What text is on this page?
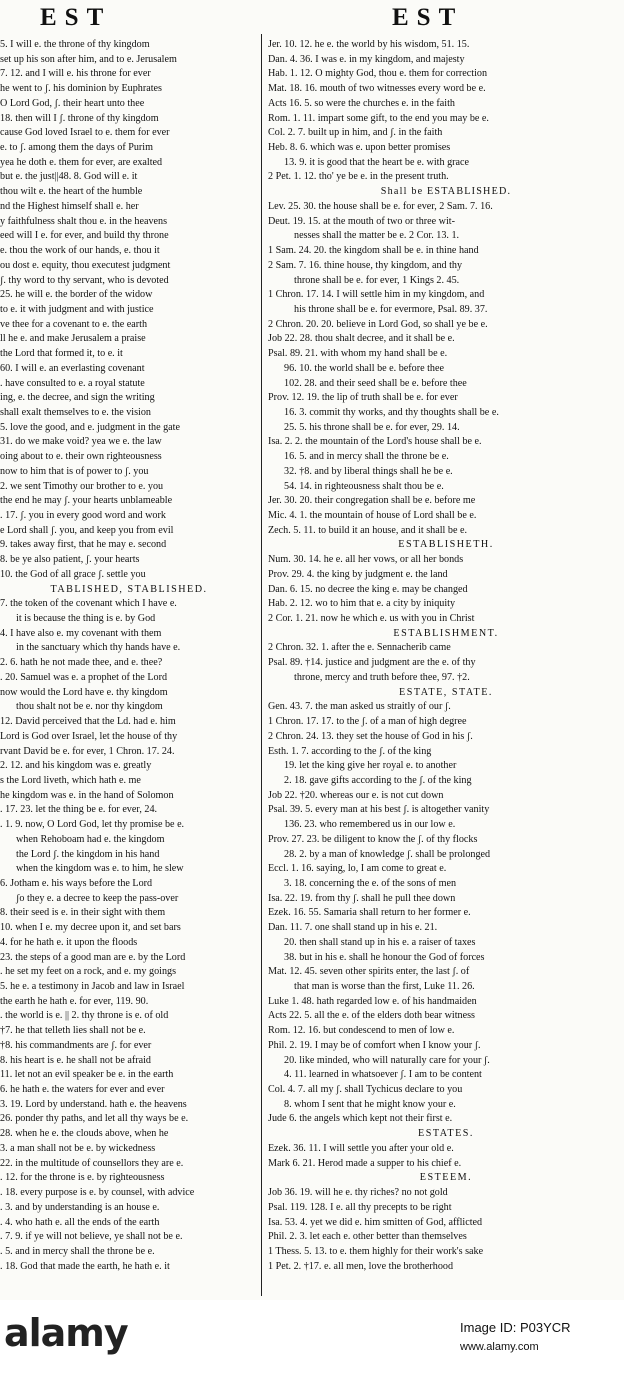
EST	EST
5. I will e. the throne of thy kingdom
set up his son after him, and to e. Jerusalem
7. 12. and I will e. his throne for ever
he went to ʃ. his dominion by Euphrates
O Lord God, ʃ. their heart unto thee
18. then will I ʃ. throne of thy kingdom
cause God loved Israel to e. them for ever
e. to ʃ. among them the days of Purim
yea he doth e. them for ever, are exalted
but e. the just||48. 8. God will e. it
thou wilt e. the heart of the humble
nd the Highest himself shall e. her
y faithfulness shalt thou e. in the heavens
eed will I e. for ever, and build thy throne
e. thou the work of our hands, e. thou it
ou dost e. equity, thou executest judgment
ʃ. thy word to thy servant, who is devoted
25. he will e. the border of the widow
to e. it with judgment and with justice
ve thee for a covenant to e. the earth
ll he e. and make Jerusalem a praise
the Lord that formed it, to e. it
60. I will e. an everlasting covenant
. have consulted to e. a royal statute
ing, e. the decree, and sign the writing
shall exalt themselves to e. the vision
5. love the good, and e. judgment in the gate
31. do we make void? yea we e. the law
oing about to e. their own righteousness
now to him that is of power to ʃ. you
2. we sent Timothy our brother to e. you
the end he may ʃ. your hearts unblameable
. 17. ʃ. you in every good word and work
e Lord shall ʃ. you, and keep you from evil
9. takes away first, that he may e. second
8. be ye also patient, ʃ. your hearts
10. the God of all grace ʃ. settle you
TABLISHED, STABLISHED.
7. the token of the covenant which I have e.
it is because the thing is e. by God
4. I have also e. my covenant with them
in the sanctuary which thy hands have e.
2. 6. hath he not made thee, and e. thee?
. 20. Samuel was e. a prophet of the Lord
now would the Lord have e. thy kingdom
thou shalt not be e. nor thy kingdom
12. David perceived that the Ld. had e. him
Lord is God over Israel, let the house of thy
rvant David be e. for ever, 1 Chron. 17. 24.
2. 12. and his kingdom was e. greatly
s the Lord liveth, which hath e. me
he kingdom was e. in the hand of Solomon
. 17. 23. let the thing be e. for ever, 24.
. 1. 9. now, O Lord God, let thy promise be e.
when Rehoboam had e. the kingdom
the Lord ʃ. the kingdom in his hand
when the kingdom was e. to him, he slew
6. Jotham e. his ways before the Lord
ʃo they e. a decree to keep the pass-over
8. their seed is e. in their sight with them
10. when I e. my decree upon it, and set bars
4. for he hath e. it upon the floods
23. the steps of a good man are e. by the Lord
. he set my feet on a rock, and e. my goings
5. he e. a testimony in Jacob and law in Israel
the earth he hath e. for ever, 119. 90.
. the world is e. || 2. thy throne is e. of old
†7. he that telleth lies shall not be e.
†8. his commandments are ʃ. for ever
8. his heart is e. he shall not be afraid
11. let not an evil speaker be e. in the earth
6. he hath e. the waters for ever and ever
3. 19. Lord by understand. hath e. the heavens
26. ponder thy paths, and let all thy ways be e.
28. when he e. the clouds above, when he
3. a man shall not be e. by wickedness
22. in the multitude of counsellors they are e.
. 12. for the throne is e. by righteousness
. 18. every purpose is e. by counsel, with advice
. 3. and by understanding is an house e.
. 4. who hath e. all the ends of the earth
. 7. 9. if ye will not believe, ye shall not be e.
. 5. and in mercy shall the throne be e.
. 18. God that made the earth, he hath e. it
Jer. 10. 12. he e. the world by his wisdom, 51. 15.
Dan. 4. 36. I was e. in my kingdom, and majesty
Hab. 1. 12. O mighty God, thou e. them for correction
Mat. 18. 16. mouth of two witnesses every word be e.
Acts 16. 5. so were the churches e. in the faith
Rom. 1. 11. impart some gift, to the end you may be e.
Col. 2. 7. built up in him, and ʃ. in the faith
Heb. 8. 6. which was e. upon better promises
13. 9. it is good that the heart be e. with grace
2 Pet. 1. 12. tho' ye be e. in the present truth.
Shall be ESTABLISHED.
Lev. 25. 30. the house shall be e. for ever, 2 Sam. 7. 16.
Deut. 19. 15. at the mouth of two or three wit-
nesses shall the matter be e. 2 Cor. 13. 1.
1 Sam. 24. 20. the kingdom shall be e. in thine hand
2 Sam. 7. 16. thine house, thy kingdom, and thy
throne shall be e. for ever, 1 Kings 2. 45.
1 Chron. 17. 14. I will settle him in my kingdom, and
his throne shall be e. for evermore, Psal. 89. 37.
2 Chron. 20. 20. believe in Lord God, so shall ye be e.
Job 22. 28. thou shalt decree, and it shall be e.
Psal. 89. 21. with whom my hand shall be e.
96. 10. the world shall be e. before thee
102. 28. and their seed shall be e. before thee
Prov. 12. 19. the lip of truth shall be e. for ever
16. 3. commit thy works, and thy thoughts shall be e.
25. 5. his throne shall be e. for ever, 29. 14.
Isa. 2. 2. the mountain of the Lord's house shall be e.
16. 5. and in mercy shall the throne be e.
32. †8. and by liberal things shall he be e.
54. 14. in righteousness shalt thou be e.
Jer. 30. 20. their congregation shall be e. before me
Mic. 4. 1. the mountain of house of Lord shall be e.
Zech. 5. 11. to build it an house, and it shall be e.
ESTABLISHETH.
Num. 30. 14. he e. all her vows, or all her bonds
Prov. 29. 4. the king by judgment e. the land
Dan. 6. 15. no decree the king e. may be changed
Hab. 2. 12. wo to him that e. a city by iniquity
2 Cor. 1. 21. now he which e. us with you in Christ
ESTABLISHMENT.
2 Chron. 32. 1. after the e. Sennacherib came
Psal. 89. †14. justice and judgment are the e. of thy
throne, mercy and truth before thee, 97. †2.
ESTATE, STATE.
Gen. 43. 7. the man asked us straitly of our ʃ.
1 Chron. 17. 17. to the ʃ. of a man of high degree
2 Chron. 24. 13. they set the house of God in his ʃ.
Esth. 1. 7. according to the ʃ. of the king
19. let the king give her royal e. to another
2. 18. gave gifts according to the ʃ. of the king
Job 22. †20. whereas our e. is not cut down
Psal. 39. 5. every man at his best ʃ. is altogether vanity
136. 23. who remembered us in our low e.
Prov. 27. 23. be diligent to know the ʃ. of thy flocks
28. 2. by a man of knowledge ʃ. shall be prolonged
Eccl. 1. 16. saying, lo, I am come to great e.
3. 18. concerning the e. of the sons of men
Isa. 22. 19. from thy ʃ. shall he pull thee down
Ezek. 16. 55. Samaria shall return to her former e.
Dan. 11. 7. one shall stand up in his e. 21.
20. then shall stand up in his e. a raiser of taxes
38. but in his e. shall he honour the God of forces
Mat. 12. 45. seven other spirits enter, the last ʃ. of
that man is worse than the first, Luke 11. 26.
Luke 1. 48. hath regarded low e. of his handmaiden
Acts 22. 5. all the e. of the elders doth bear witness
Rom. 12. 16. but condescend to men of low e.
Phil. 2. 19. I may be of comfort when I know your ʃ.
20. like minded, who will naturally care for your ʃ.
4. 11. learned in whatsoever ʃ. I am to be content
Col. 4. 7. all my ʃ. shall Tychicus declare to you
8. whom I sent that he might know your e.
Jude 6. the angels which kept not their first e.
ESTATES.
Ezek. 36. 11. I will settle you after your old e.
Mark 6. 21. Herod made a supper to his chief e.
ESTEEM.
Job 36. 19. will he e. thy riches? no not gold
Psal. 119. 128. I e. all thy precepts to be right
Isa. 53. 4. yet we did e. him smitten of God, afflicted
Phil. 2. 3. let each e. other better than themselves
1 Thess. 5. 13. to e. them highly for their work's sake
1 Pet. 2. †17. e. all men, love the brotherhood
alamy	Image ID: P03YCR
www.alamy.com
